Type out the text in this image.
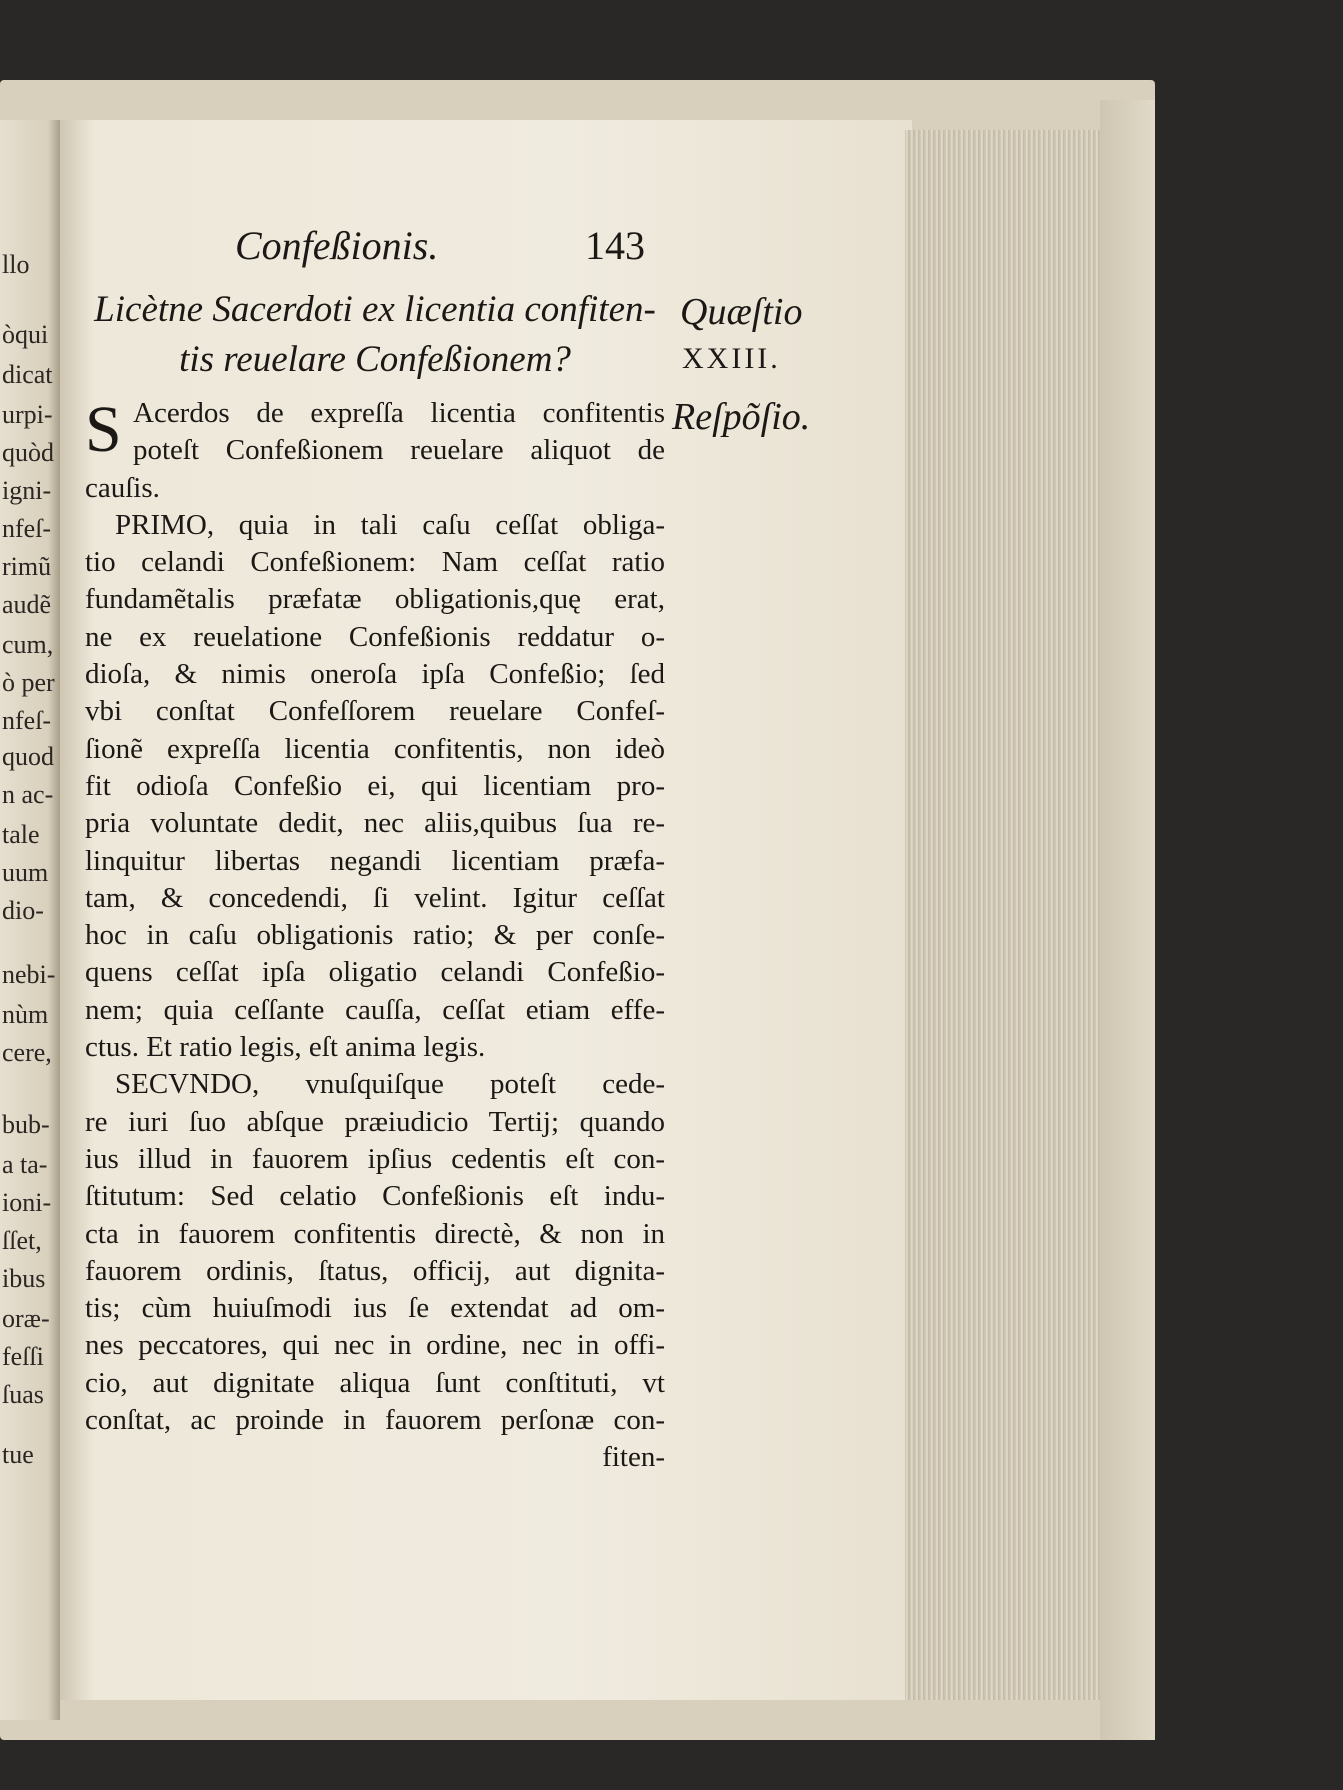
llo
òqui
dicat
urpi-
quòd
igni-
nfeſ-
rimũ
audẽ
cum,
ò per
nfeſ-
quod
n ac-
tale
uum
dio-
nebi-
nùm
cere,
bub-
a ta-
ioni-
ſſet,
ibus
oræ-
feſſi
ſuas
tue
Confeßionis.	143
Licètne Sacerdoti ex licentia confiten-
tis reuelare Confeßionem?
Quæſtio
XXIII.
Reſpõſio.
S Acerdos de expreſſa licentia confitentis
poteſt Confeßionem reuelare aliquot de
cauſis.
PRIMO, quia in tali caſu ceſſat obliga-
tio celandi Confeßionem: Nam ceſſat ratio
fundamẽtalis præfatæ obligationis,quę erat,
ne ex reuelatione Confeßionis reddatur o-
dioſa, & nimis oneroſa ipſa Confeßio; ſed
vbi conſtat Confeſſorem reuelare Confeſ-
ſionẽ expreſſa licentia confitentis, non ideò
fit odioſa Confeßio ei, qui licentiam pro-
pria voluntate dedit, nec aliis,quibus ſua re-
linquitur libertas negandi licentiam præfa-
tam, & concedendi, ſi velint. Igitur ceſſat
hoc in caſu obligationis ratio; & per conſe-
quens ceſſat ipſa oligatio celandi Confeßio-
nem; quia ceſſante cauſſa, ceſſat etiam effe-
ctus. Et ratio legis, eſt anima legis.
SECVNDO, vnuſquiſque poteſt cede-
re iuri ſuo abſque præiudicio Tertij; quando
ius illud in fauorem ipſius cedentis eſt con-
ſtitutum: Sed celatio Confeßionis eſt indu-
cta in fauorem confitentis directè, & non in
fauorem ordinis, ſtatus, officij, aut dignita-
tis; cùm huiuſmodi ius ſe extendat ad om-
nes peccatores, qui nec in ordine, nec in offi-
cio, aut dignitate aliqua ſunt conſtituti, vt
conſtat, ac proinde in fauorem perſonæ con-
fiten-
